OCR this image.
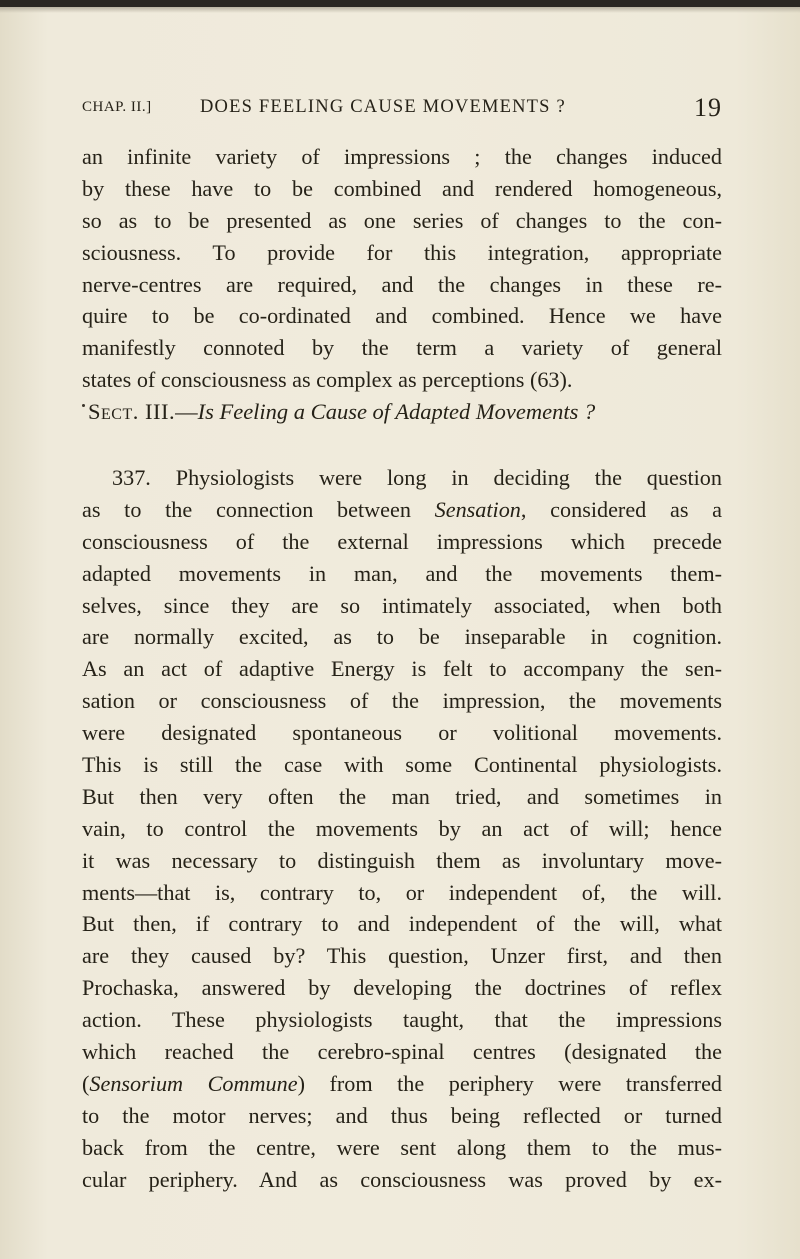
CHAP. II.]	DOES FEELING CAUSE MOVEMENTS ?	19
an infinite variety of impressions ; the changes induced
by these have to be combined and rendered homogeneous,
so as to be presented as one series of changes to the con-
sciousness. To provide for this integration, appropriate
nerve-centres are required, and the changes in these re-
quire to be co-ordinated and combined. Hence we have
manifestly connoted by the term a variety of general
states of consciousness as complex as perceptions (63).
Sect. III.—Is Feeling a Cause of Adapted Movements ?
337. Physiologists were long in deciding the question
as to the connection between Sensation, considered as a
consciousness of the external impressions which precede
adapted movements in man, and the movements them-
selves, since they are so intimately associated, when both
are normally excited, as to be inseparable in cognition.
As an act of adaptive Energy is felt to accompany the sen-
sation or consciousness of the impression, the movements
were designated spontaneous or volitional movements.
This is still the case with some Continental physiologists.
But then very often the man tried, and sometimes in
vain, to control the movements by an act of will; hence
it was necessary to distinguish them as involuntary move-
ments—that is, contrary to, or independent of, the will.
But then, if contrary to and independent of the will, what
are they caused by? This question, Unzer first, and then
Prochaska, answered by developing the doctrines of reflex
action. These physiologists taught, that the impressions
which reached the cerebro-spinal centres (designated the
(Sensorium Commune) from the periphery were transferred
to the motor nerves; and thus being reflected or turned
back from the centre, were sent along them to the mus-
cular periphery. And as consciousness was proved by ex-
